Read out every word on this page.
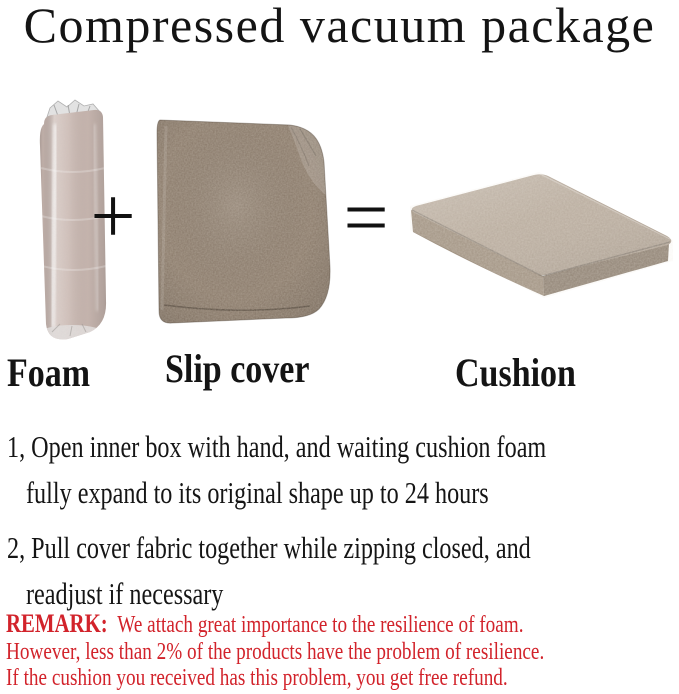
Compressed vacuum package
+	=
Foam Slip cover	Cushion
1, Open inner box with hand, and waiting cushion foam
fully expand to its original shape up to 24 hours
2, Pull cover fabric together while zipping closed, and
readjust if necessary
REMARK: We attach great importance to the resilience of foam.
However, less than 2% of the products have the problem of resilience.
If the cushion you received has this problem, you get free refund.
